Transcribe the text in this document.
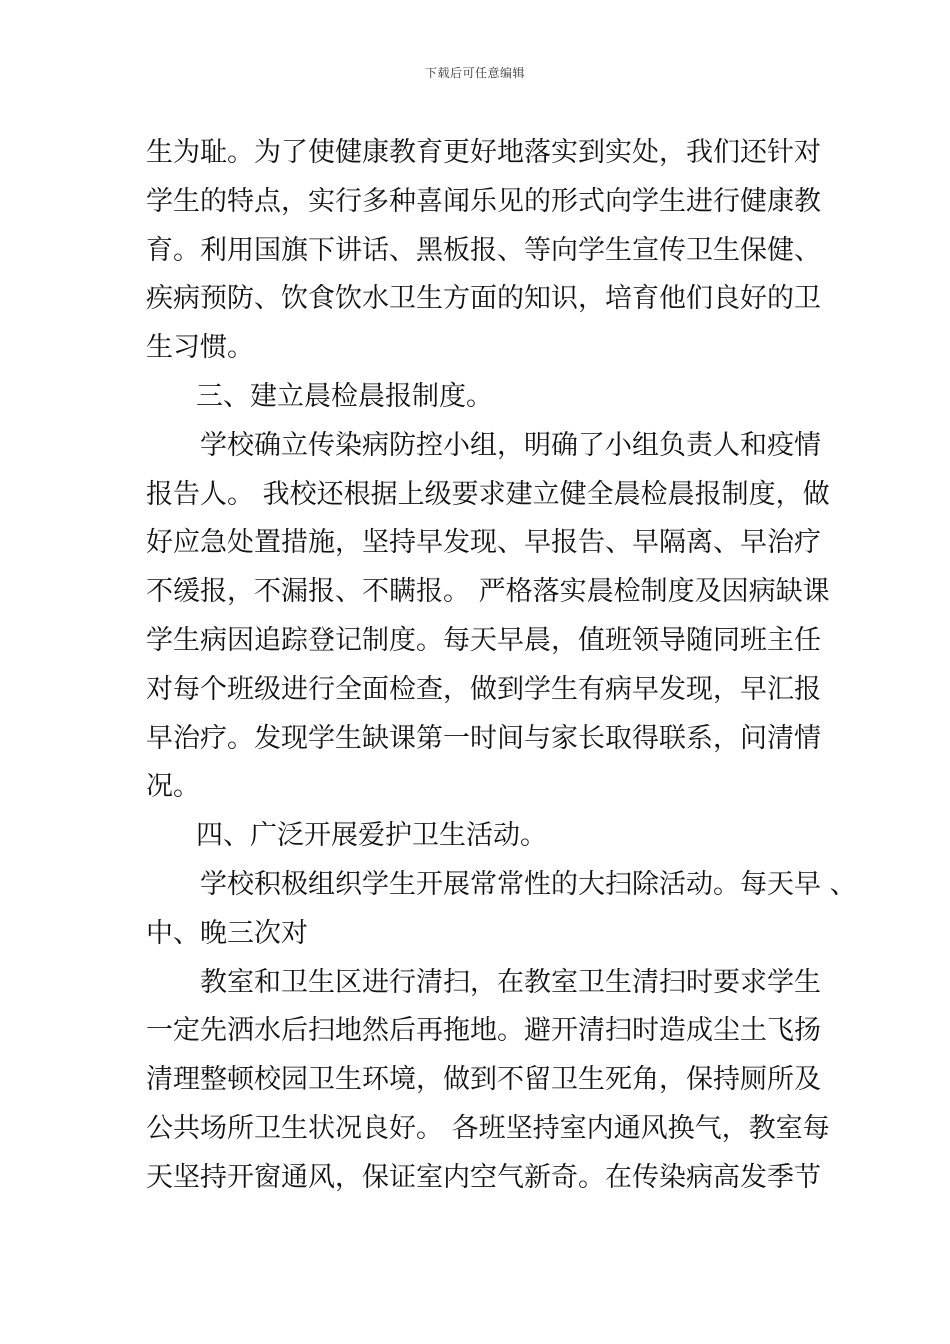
下载后可任意编辑
生为耻。为了使健康教育更好地落实到实处，我们还针对
学生的特点，实行多种喜闻乐见的形式向学生进行健康教
育。利用国旗下讲话、黑板报、等向学生宣传卫生保健、
疾病预防、饮食饮水卫生方面的知识，培育他们良好的卫
生习惯。
三、建立晨检晨报制度。
学校确立传染病防控小组，明确了小组负责人和疫情
报告人。 我校还根据上级要求建立健全晨检晨报制度，做
好应急处置措施，坚持早发现、早报告、早隔离、早治疗
不缓报，不漏报、不瞒报。 严格落实晨检制度及因病缺课
学生病因追踪登记制度。每天早晨，值班领导随同班主任
对每个班级进行全面检查，做到学生有病早发现，早汇报
早治疗。发现学生缺课第一时间与家长取得联系，问清情
况。
四、广泛开展爱护卫生活动。
学校积极组织学生开展常常性的大扫除活动。每天早 、
中、晚三次对
教室和卫生区进行清扫，在教室卫生清扫时要求学生
一定先洒水后扫地然后再拖地。避开清扫时造成尘土飞扬
清理整顿校园卫生环境，做到不留卫生死角，保持厕所及
公共场所卫生状况良好。 各班坚持室内通风换气，教室每
天坚持开窗通风，保证室内空气新奇。在传染病高发季节
